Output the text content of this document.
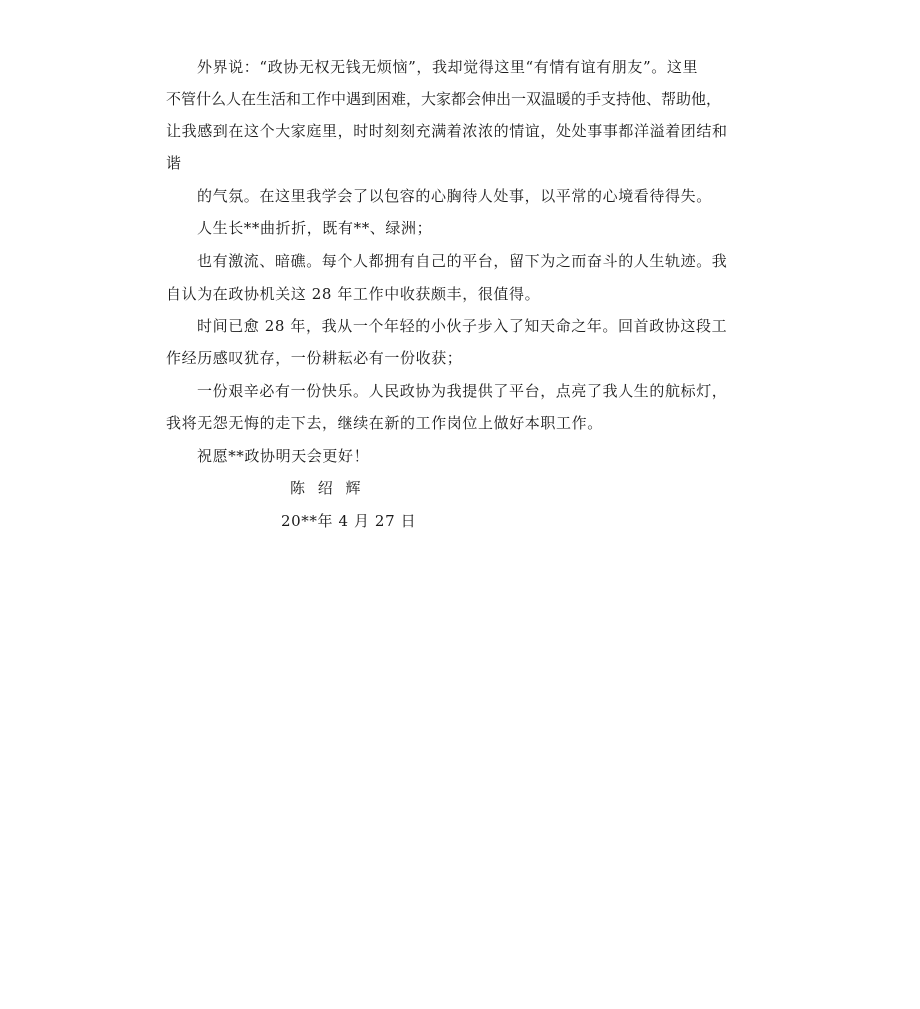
外界说：“政协无权无钱无烦恼”，我却觉得这里“有情有谊有朋友”。这里
不管什么人在生活和工作中遇到困难，大家都会伸出一双温暖的手支持他、帮助他，
让我感到在这个大家庭里，时时刻刻充满着浓浓的情谊，处处事事都洋溢着团结和
谐
的气氛。在这里我学会了以包容的心胸待人处事，以平常的心境看待得失。
人生长**曲折折，既有**、绿洲；
也有激流、暗礁。每个人都拥有自己的平台，留下为之而奋斗的人生轨迹。我
自认为在政协机关这 28 年工作中收获颇丰，很值得。
时间已愈 28 年，我从一个年轻的小伙子步入了知天命之年。回首政协这段工
作经历感叹犹存，一份耕耘必有一份收获；
一份艰辛必有一份快乐。人民政协为我提供了平台，点亮了我人生的航标灯，
我将无怨无悔的走下去，继续在新的工作岗位上做好本职工作。
祝愿**政协明天会更好！
陈 绍 辉
20**年 4 月 27 日
